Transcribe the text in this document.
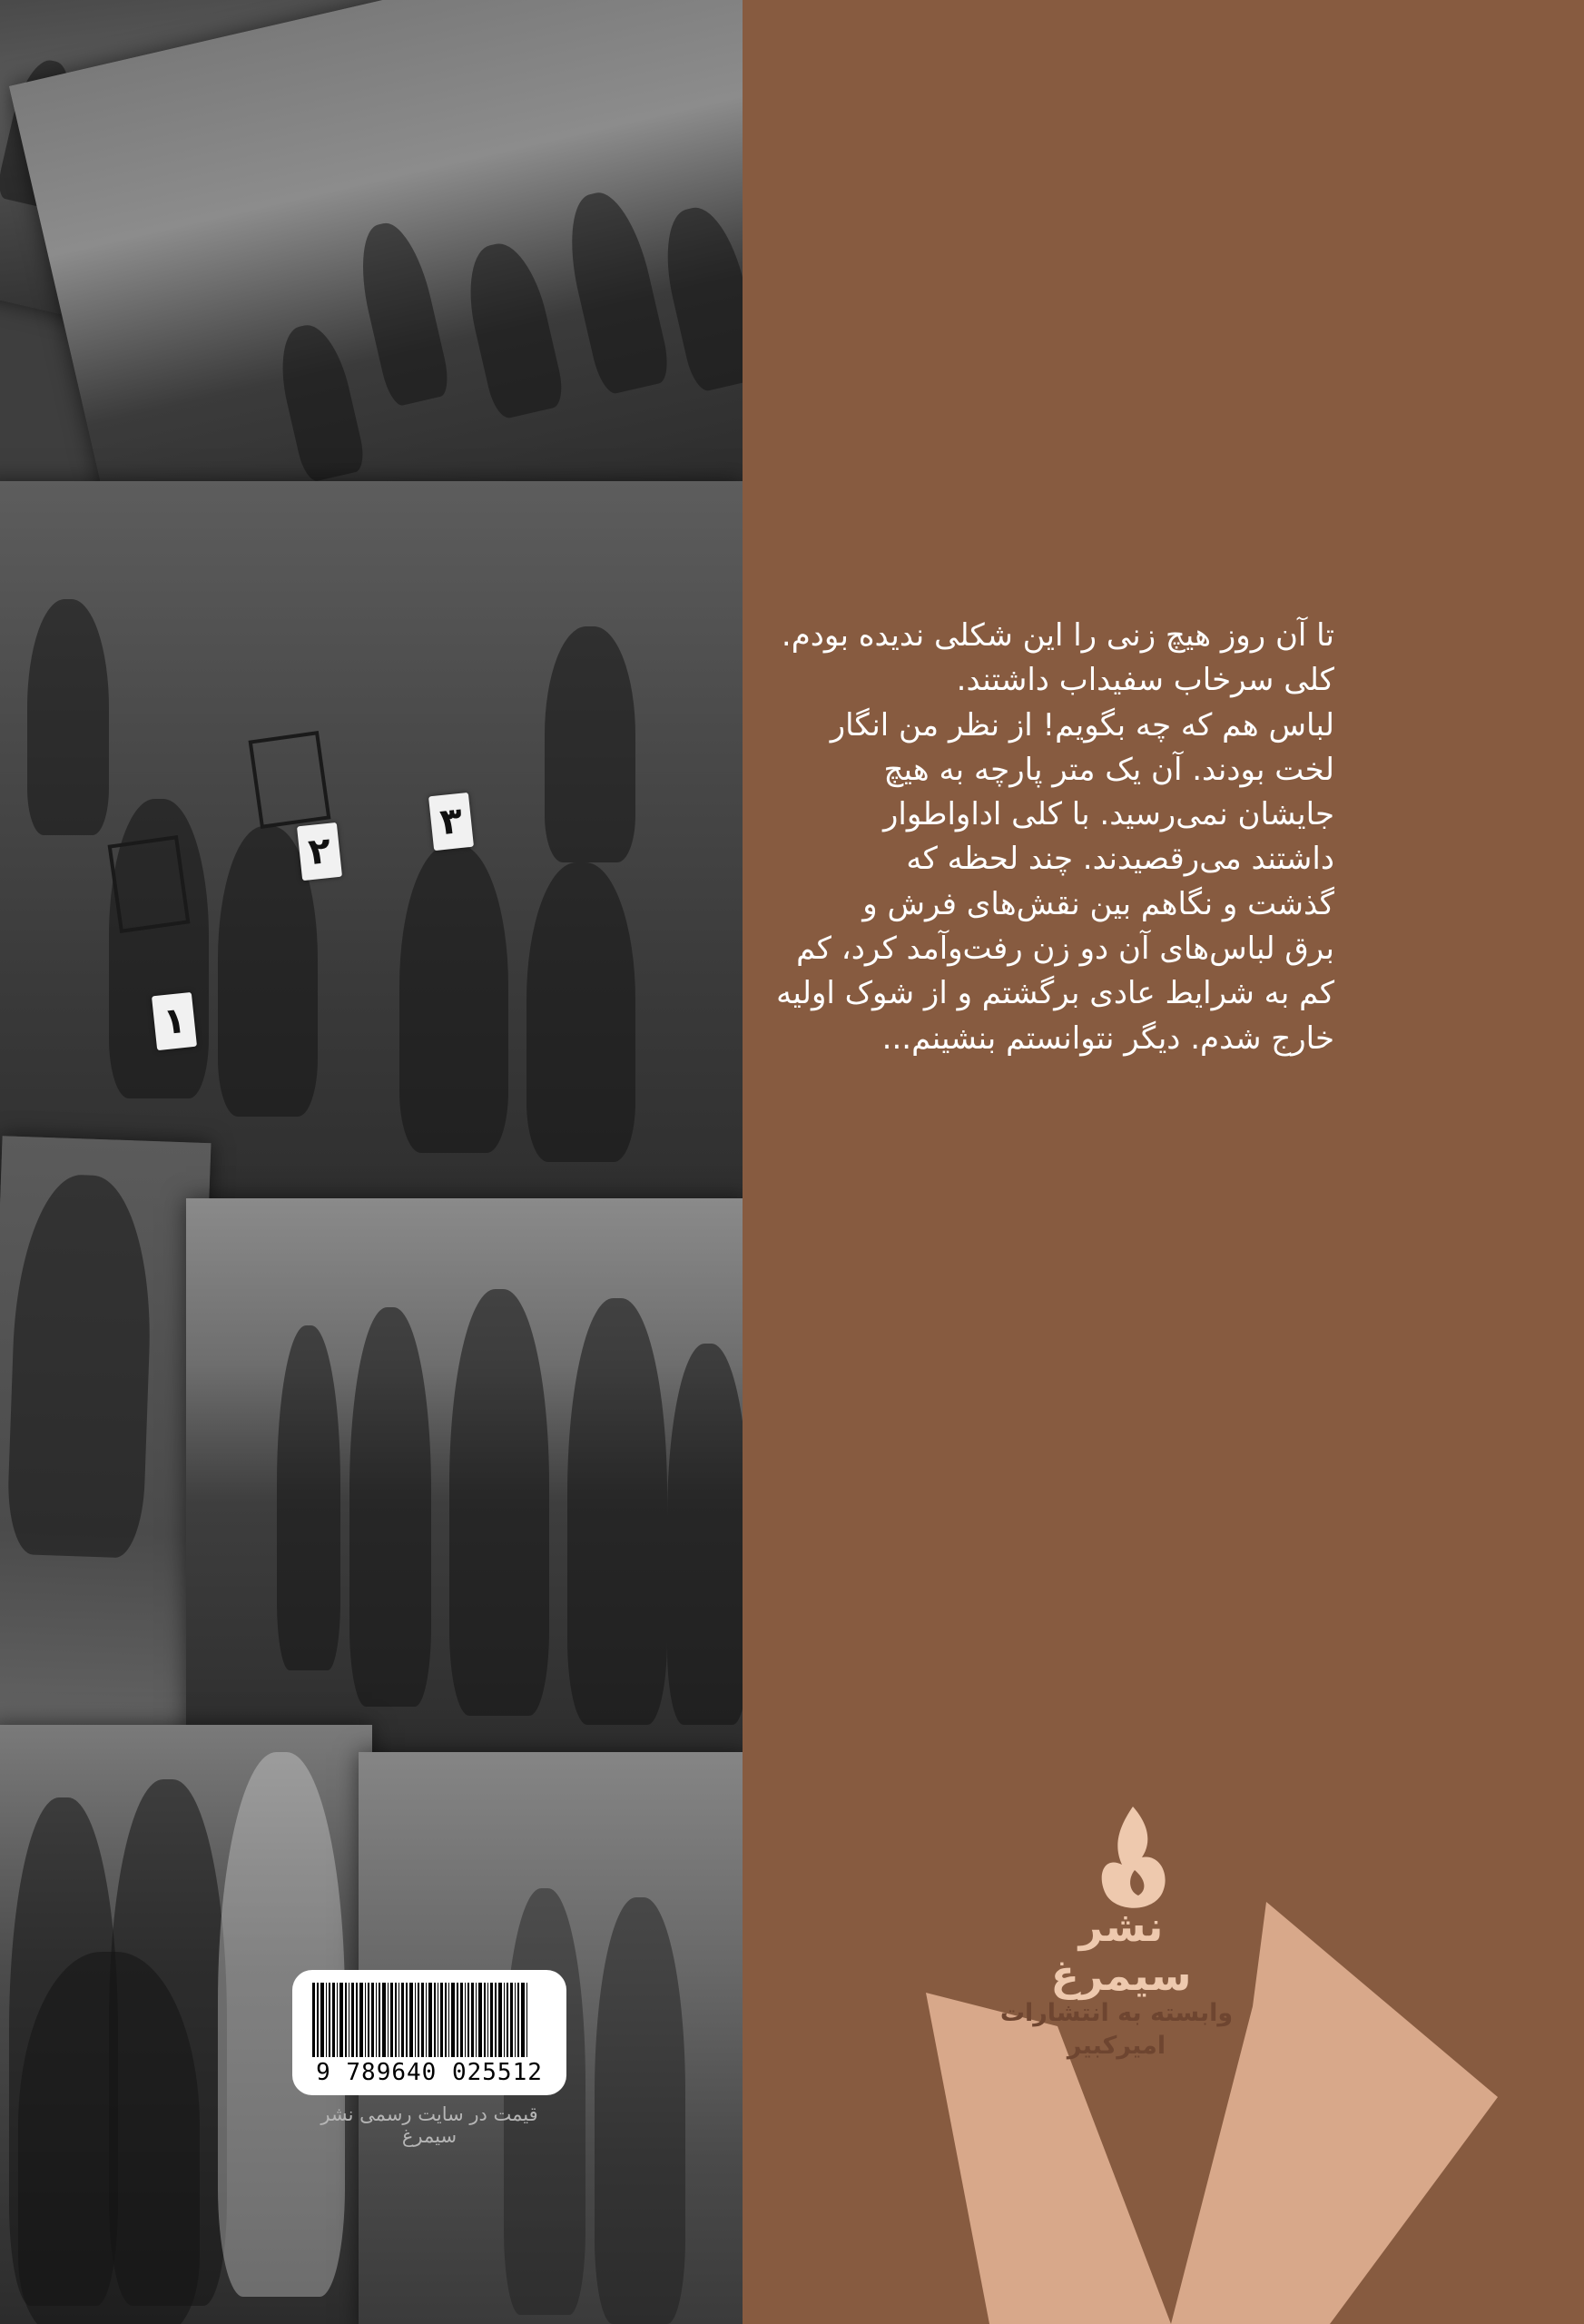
۱
۲
۳
9 789640 025512
قیمت در سایت رسمی نشر سیمرغ

تا آن روز هیچ زنی را این شکلی ندیده بودم.

کلی سرخاب سفیداب داشتند.

لباس هم که چه بگویم! از نظر من انگار

لخت بودند. آن یک متر پارچه به هیچ

جایشان نمی‌رسید. با کلی اداواطوار

داشتند می‌رقصیدند. چند لحظه که

گذشت و نگاهم بین نقش‌های فرش و

برق لباس‌های آن دو زن رفت‌وآمد کرد، کم

کم به شرایط عادی برگشتم و از شوک اولیه

خارج شدم. دیگر نتوانستم بنشینم...

نشر سیمرغ
وابسته به انتشارات
امیرکبیر
